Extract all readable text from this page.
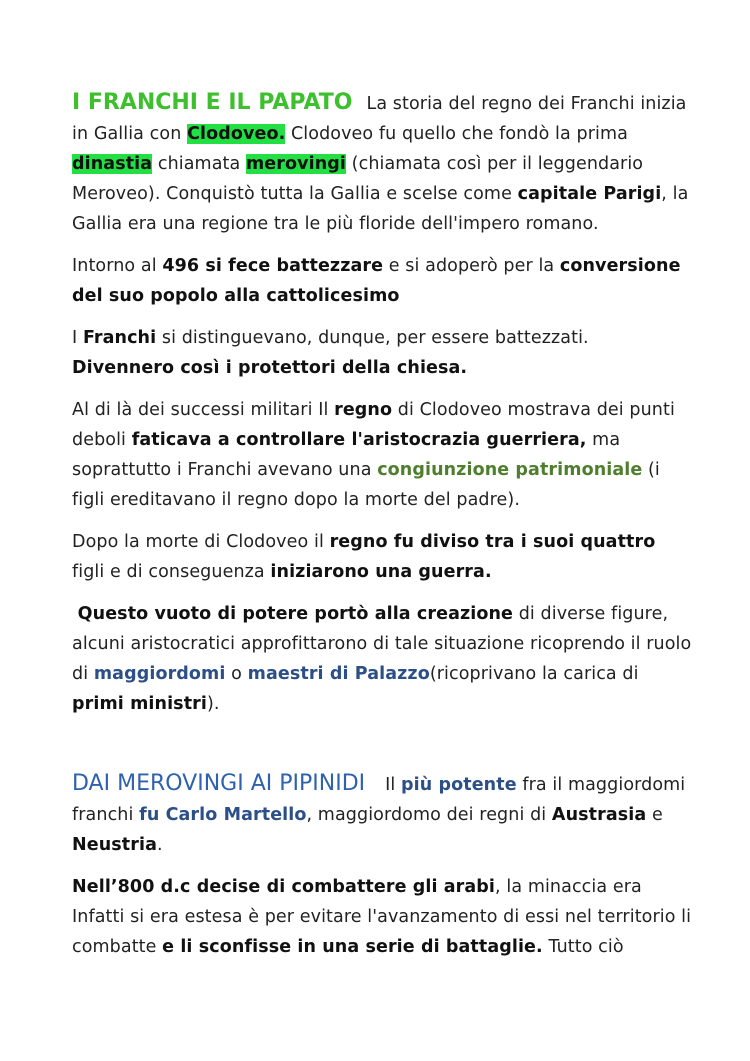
I FRANCHI E IL PAPATO La storia del regno dei Franchi inizia in Gallia con Clodoveo. Clodoveo fu quello che fondò la prima dinastia chiamata merovingi (chiamata così per il leggendario Meroveo). Conquistò tutta la Gallia e scelse come capitale Parigi, la Gallia era una regione tra le più floride dell'impero romano.

Intorno al 496 si fece battezzare e si adoperò per la conversione del suo popolo alla cattolicesimo

I Franchi si distinguevano, dunque, per essere battezzati. Divennero così i protettori della chiesa.

Al di là dei successi militari Il regno di Clodoveo mostrava dei punti deboli faticava a controllare l'aristocrazia guerriera, ma soprattutto i Franchi avevano una congiunzione patrimoniale (i figli ereditavano il regno dopo la morte del padre).

Dopo la morte di Clodoveo il regno fu diviso tra i suoi quattro figli e di conseguenza iniziarono una guerra.

Questo vuoto di potere portò alla creazione di diverse figure, alcuni aristocratici approfittarono di tale situazione ricoprendo il ruolo di maggiordomi o maestri di Palazzo(ricoprivano la carica di primi ministri).

DAI MEROVINGI AI PIPINIDI Il più potente fra il maggiordomi franchi fu Carlo Martello, maggiordomo dei regni di Austrasia e Neustria.

Nell’800 d.c decise di combattere gli arabi, la minaccia era Infatti si era estesa è per evitare l'avanzamento di essi nel territorio li combatte e li sconfisse in una serie di battaglie. Tutto ciò
